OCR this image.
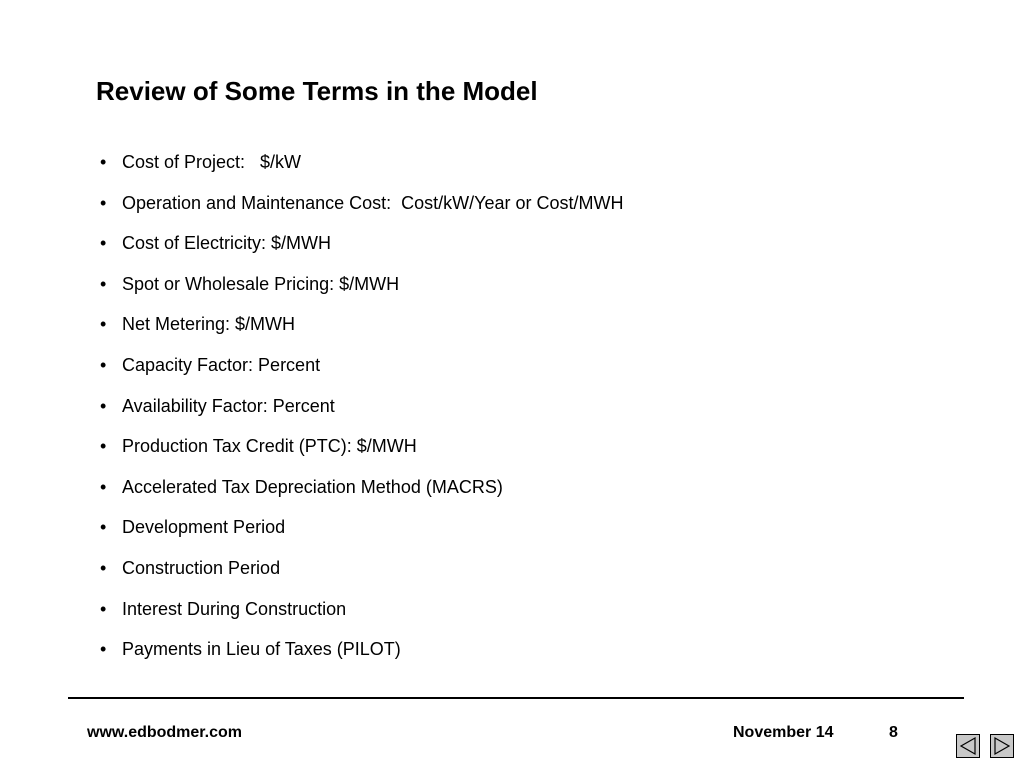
Review of Some Terms in the Model
• Cost of Project:   $/kW
• Operation and Maintenance Cost:  Cost/kW/Year or Cost/MWH
• Cost of Electricity: $/MWH
• Spot or Wholesale Pricing: $/MWH
• Net Metering: $/MWH
• Capacity Factor: Percent
• Availability Factor: Percent
• Production Tax Credit (PTC): $/MWH
• Accelerated Tax Depreciation Method (MACRS)
• Development Period
• Construction Period
• Interest During Construction
• Payments in Lieu of Taxes (PILOT)
www.edbodmer.com	November 14	8
